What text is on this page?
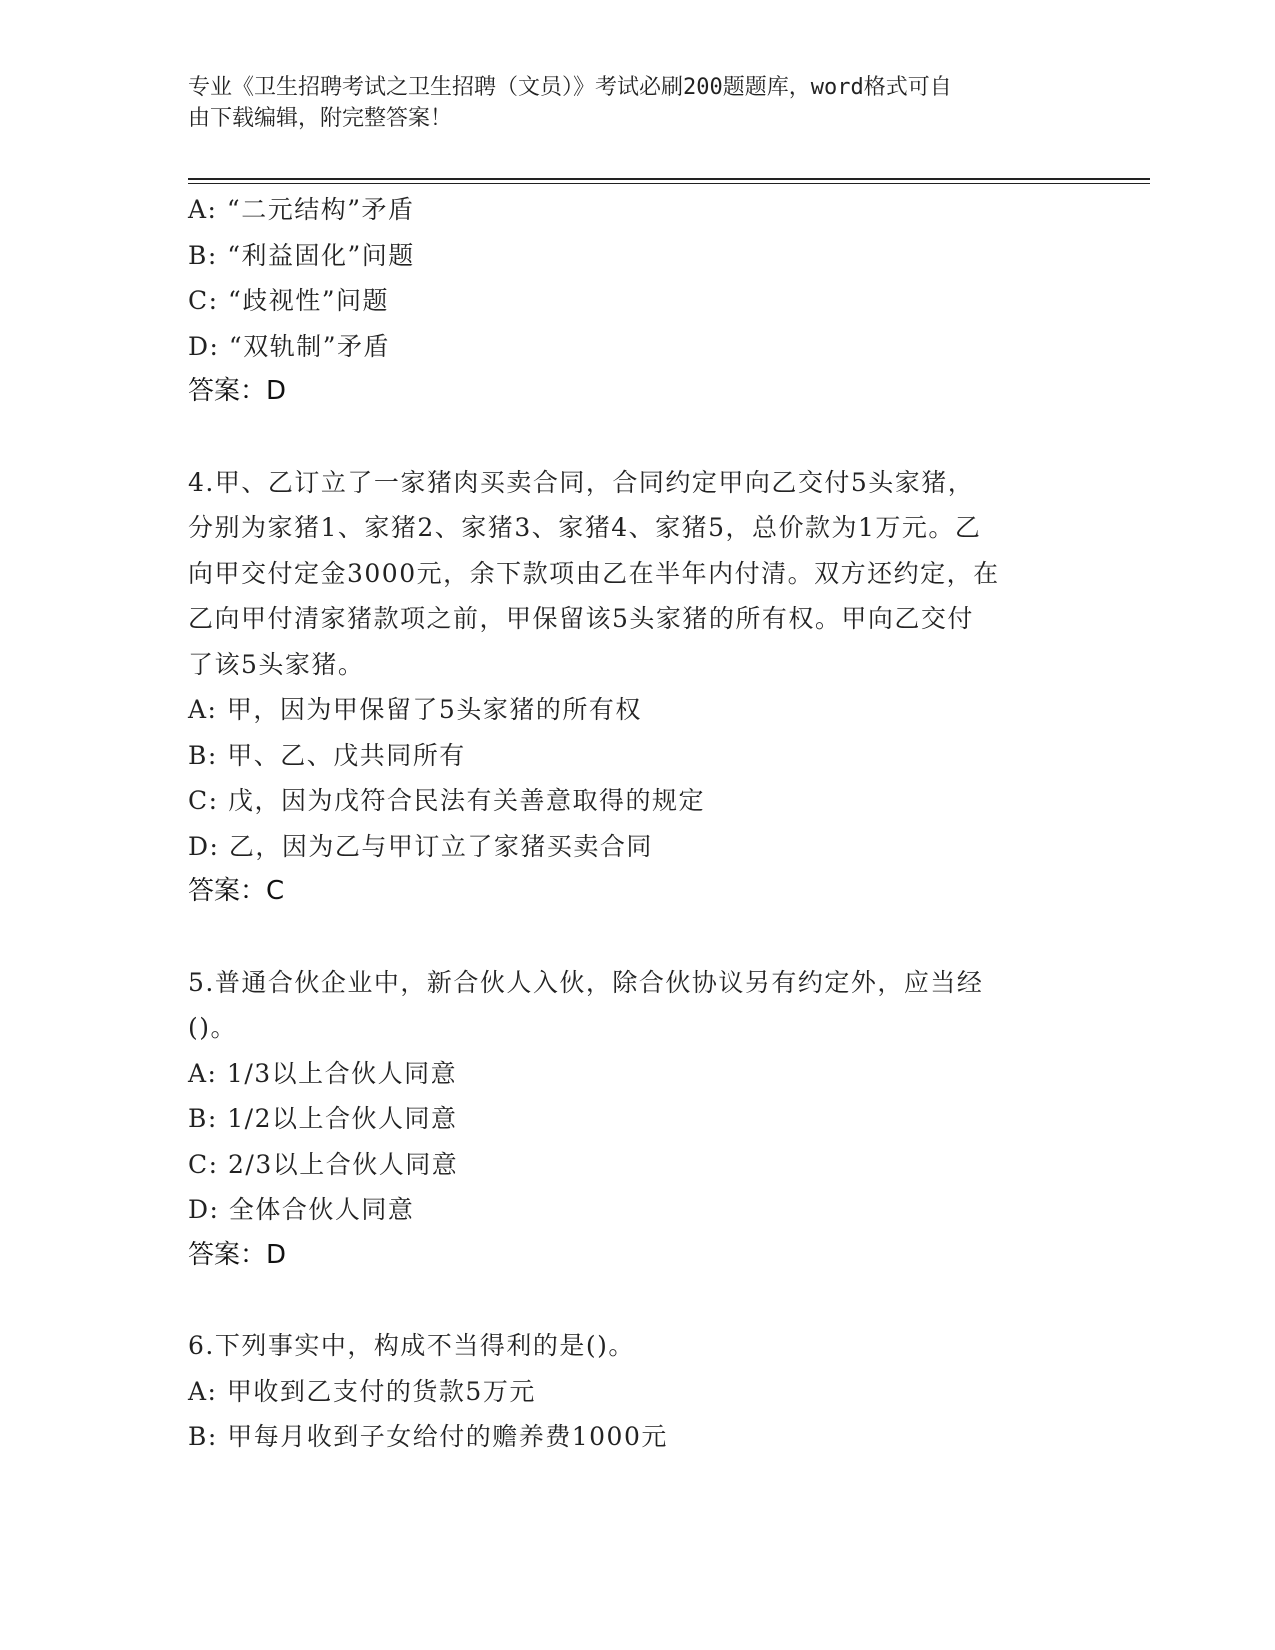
专业《卫生招聘考试之卫生招聘（文员）》考试必刷200题题库，word格式可自
由下载编辑，附完整答案！
A: “二元结构”矛盾
B: “利益固化”问题
C: “歧视性”问题
D: “双轨制”矛盾
答案：D
4.甲、乙订立了一家猪肉买卖合同，合同约定甲向乙交付5头家猪，
分别为家猪1、家猪2、家猪3、家猪4、家猪5，总价款为1万元。乙
向甲交付定金3000元，余下款项由乙在半年内付清。双方还约定，在
乙向甲付清家猪款项之前，甲保留该5头家猪的所有权。甲向乙交付
了该5头家猪。
A: 甲，因为甲保留了5头家猪的所有权
B: 甲、乙、戊共同所有
C: 戊，因为戊符合民法有关善意取得的规定
D: 乙，因为乙与甲订立了家猪买卖合同
答案：C
5.普通合伙企业中，新合伙人入伙，除合伙协议另有约定外，应当经
()。
A: 1/3以上合伙人同意
B: 1/2以上合伙人同意
C: 2/3以上合伙人同意
D: 全体合伙人同意
答案：D
6.下列事实中，构成不当得利的是()。
A: 甲收到乙支付的货款5万元
B: 甲每月收到子女给付的赡养费1000元
